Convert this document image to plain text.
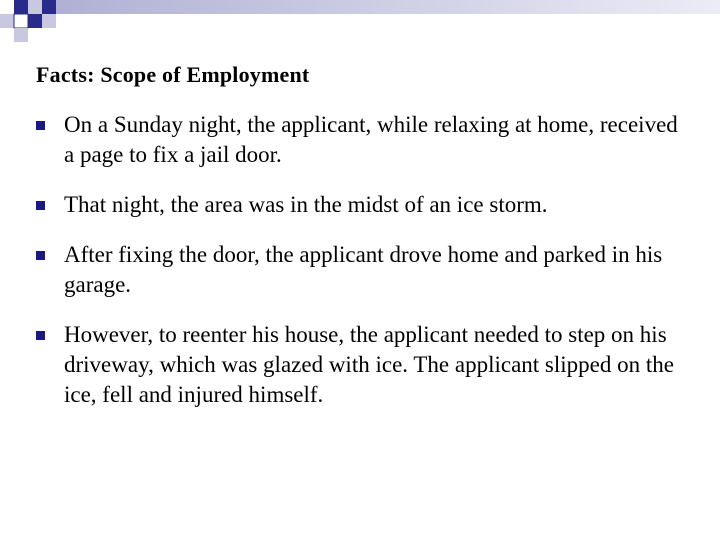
Facts: Scope of Employment
On a Sunday night, the applicant, while relaxing at home, received a page to fix a jail door.
That night, the area was in the midst of an ice storm.
After fixing the door, the applicant drove home and parked in his garage.
However, to reenter his house, the applicant needed to step on his driveway, which was glazed with ice. The applicant slipped on the ice, fell and injured himself.
